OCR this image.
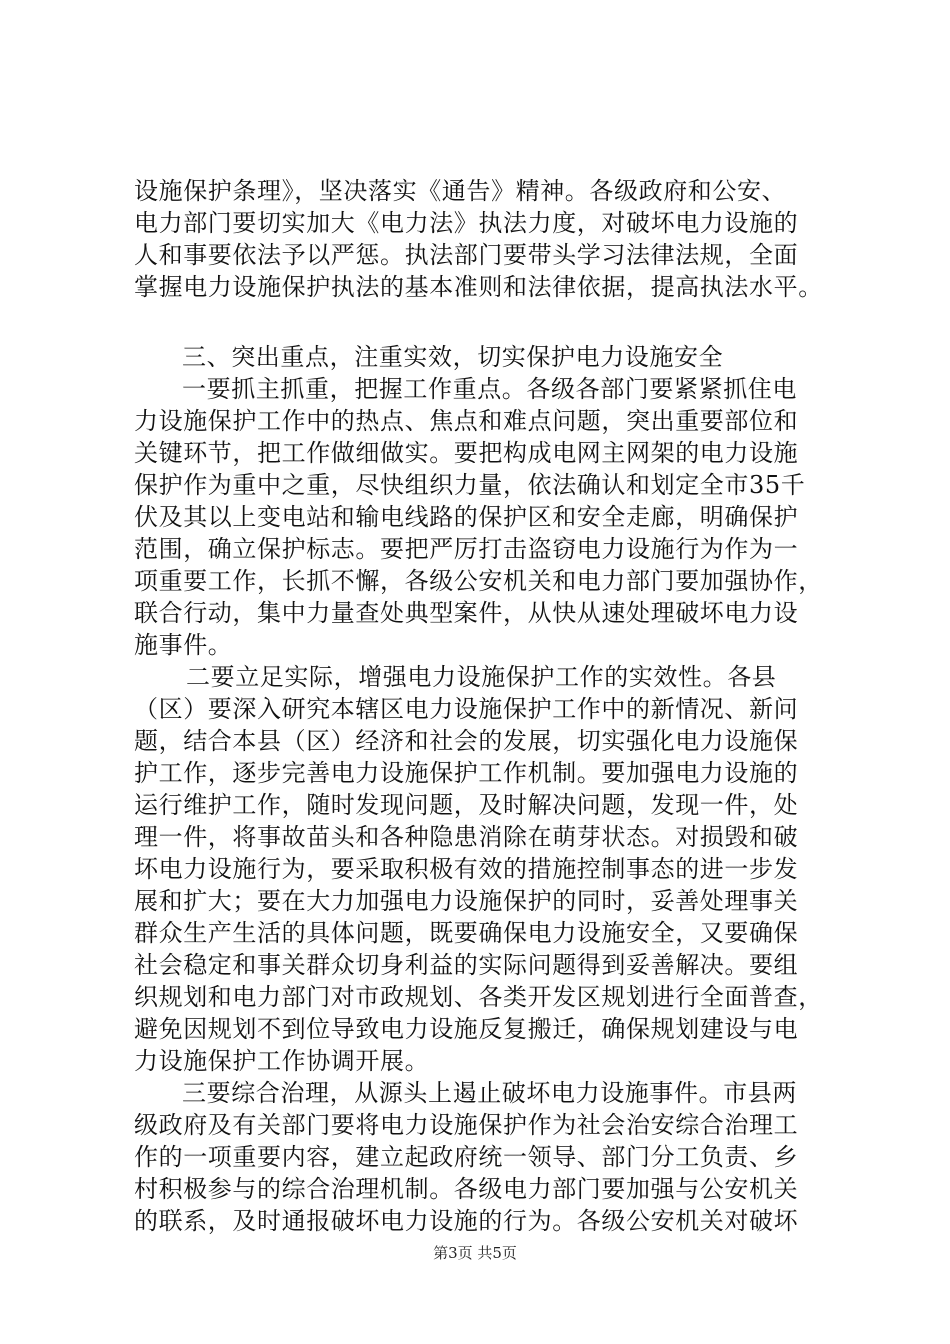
设施保护条理》，坚决落实《通告》精神。各级政府和公安、
电力部门要切实加大《电力法》执法力度，对破坏电力设施的
人和事要依法予以严惩。执法部门要带头学习法律法规，全面
掌握电力设施保护执法的基本准则和法律依据，提高执法水平。
三、突出重点，注重实效，切实保护电力设施安全
一要抓主抓重，把握工作重点。各级各部门要紧紧抓住电
力设施保护工作中的热点、焦点和难点问题，突出重要部位和
关键环节，把工作做细做实。要把构成电网主网架的电力设施
保护作为重中之重，尽快组织力量，依法确认和划定全市35千
伏及其以上变电站和输电线路的保护区和安全走廊，明确保护
范围，确立保护标志。要把严厉打击盗窃电力设施行为作为一
项重要工作，长抓不懈，各级公安机关和电力部门要加强协作，
联合行动，集中力量查处典型案件，从快从速处理破坏电力设
施事件。
二要立足实际，增强电力设施保护工作的实效性。各县
（区）要深入研究本辖区电力设施保护工作中的新情况、新问
题，结合本县（区）经济和社会的发展，切实强化电力设施保
护工作，逐步完善电力设施保护工作机制。要加强电力设施的
运行维护工作，随时发现问题，及时解决问题，发现一件，处
理一件，将事故苗头和各种隐患消除在萌芽状态。对损毁和破
坏电力设施行为，要采取积极有效的措施控制事态的进一步发
展和扩大；要在大力加强电力设施保护的同时，妥善处理事关
群众生产生活的具体问题，既要确保电力设施安全，又要确保
社会稳定和事关群众切身利益的实际问题得到妥善解决。要组
织规划和电力部门对市政规划、各类开发区规划进行全面普查，
避免因规划不到位导致电力设施反复搬迁，确保规划建设与电
力设施保护工作协调开展。
三要综合治理，从源头上遏止破坏电力设施事件。市县两
级政府及有关部门要将电力设施保护作为社会治安综合治理工
作的一项重要内容，建立起政府统一领导、部门分工负责、乡
村积极参与的综合治理机制。各级电力部门要加强与公安机关
的联系，及时通报破坏电力设施的行为。各级公安机关对破坏
第3页 共5页
